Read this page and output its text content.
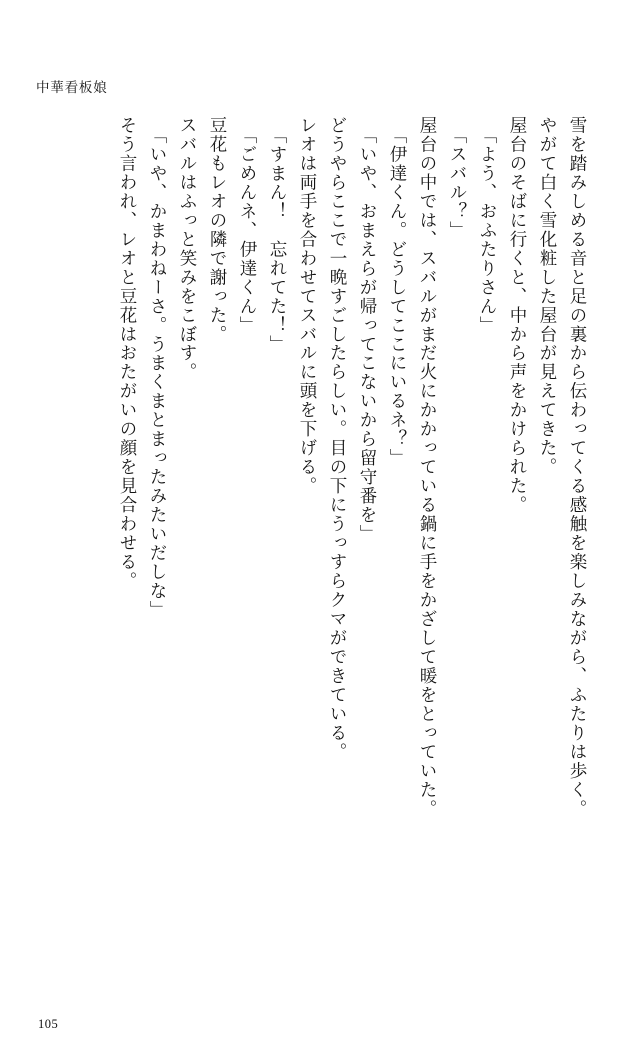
中華看板娘
雪を踏みしめる音と足の裏から伝わってくる感触を楽しみながら、ふたりは歩く。
やがて白く雪化粧した屋台が見えてきた。
屋台のそばに行くと、中から声をかけられた。
「よう、おふたりさん」
「スバル？」
屋台の中では、スバルがまだ火にかかっている鍋に手をかざして暖をとっていた。
「伊達くん。どうしてここにいるネ？」
「いや、おまえらが帰ってこないから留守番を」
どうやらここで一晩すごしたらしい。目の下にうっすらクマができている。
レオは両手を合わせてスバルに頭を下げる。
「すまん！　忘れてた！」
「ごめんネ、伊達くん」
豆花もレオの隣で謝った。
スバルはふっと笑みをこぼす。
「いや、かまわねーさ。うまくまとまったみたいだしな」
そう言われ、レオと豆花はおたがいの顔を見合わせる。
105
